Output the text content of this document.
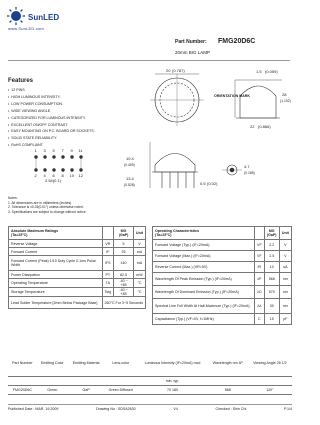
SunLED
www.SunLED.com
Part Number: FMG20D6C
20mm BIG LAMP
Features
• 12 PINS.
• HIGH LUMINOUS INTENSITY.
• LOW POWER CONSUMPTION.
• WIDE VIEWING ANGLE.
• CATEGORIZED FOR LUMINOUS INTENSITY.
• EXCELLENT ON/OFF CONTRAST.
• EASY MOUNTING ON P.C. BOARD OR SOCKETS.
• SOLID STATE RELIABILITY.
• RoHS COMPLIANT.
20 (0.787)
ORIENTATION MARK
1.5 (0.059)
28
(1.102)
22 (0.866)
10.4
(0.409)
13.4
(0.528)
2.54(0.1)
0.5 (0.02)
4.7
(0.185)
1 3 5 7 9 11
2 4 6 8 10 12
Notes:
1. All dimensions are in millimeters (inches).
2. Tolerance is ±0.25(0.01") unless otherwise noted.
3. Specifications are subject to change without notice.
Absolute Maximum Ratings
(Ta=25°C)		MG
(GaP)	Unit
Reverse Voltage	VR	5	V
Forward Current	IF	25	mA
Forward Current (Peak) 1/10 Duty Cycle 0.1ms Pulse Width	iFS	140	mA
Power Dissipation	PT	62.5	mW
Operating Temperature	TA	-40 ~ +85	°C
Storage Temperature	Tstg	-40 ~ +85	°C
Lead Solder Temperature [2mm Below Package Base]	260°C For 3~5 Seconds		
Operating Characteristics
(Ta=25°C)		MG
(GaP)	Unit
Forward Voltage (Typ.) (IF=20mA)	VF	2.2	V
Forward Voltage (Max.) (IF=20mA)	VF	2.5	V
Reverse Current (Max.) (VR=5V)	IR	10	uA
Wavelength Of Peak Emission (Typ.) (IF=20mA)	λP	568	nm
Wavelength Of Dominant Emission (Typ.) (IF=20mA)	λD	570	nm
Spectral Line Full Width At Half-Maximum (Typ.) (IF=20mA)	Δλ	30	nm
Capacitance (Typ.) (VF=0V, f=1MHz)	C	15	pF
Part Number	Emitting Color	Emitting Material	Lens-color	Luminous Intensity (IF=20mA) mcd	Wavelength nm λP	Viewing Angle 2θ 1/2
				min. typ.		
FMG20D6C	Green	GaP	Green Diffused	70 180	568	120°
Published Date : MAR. 19,2009	Drawing No : SDSA2630	V4	Checked : Shin Chi	P.1/4
